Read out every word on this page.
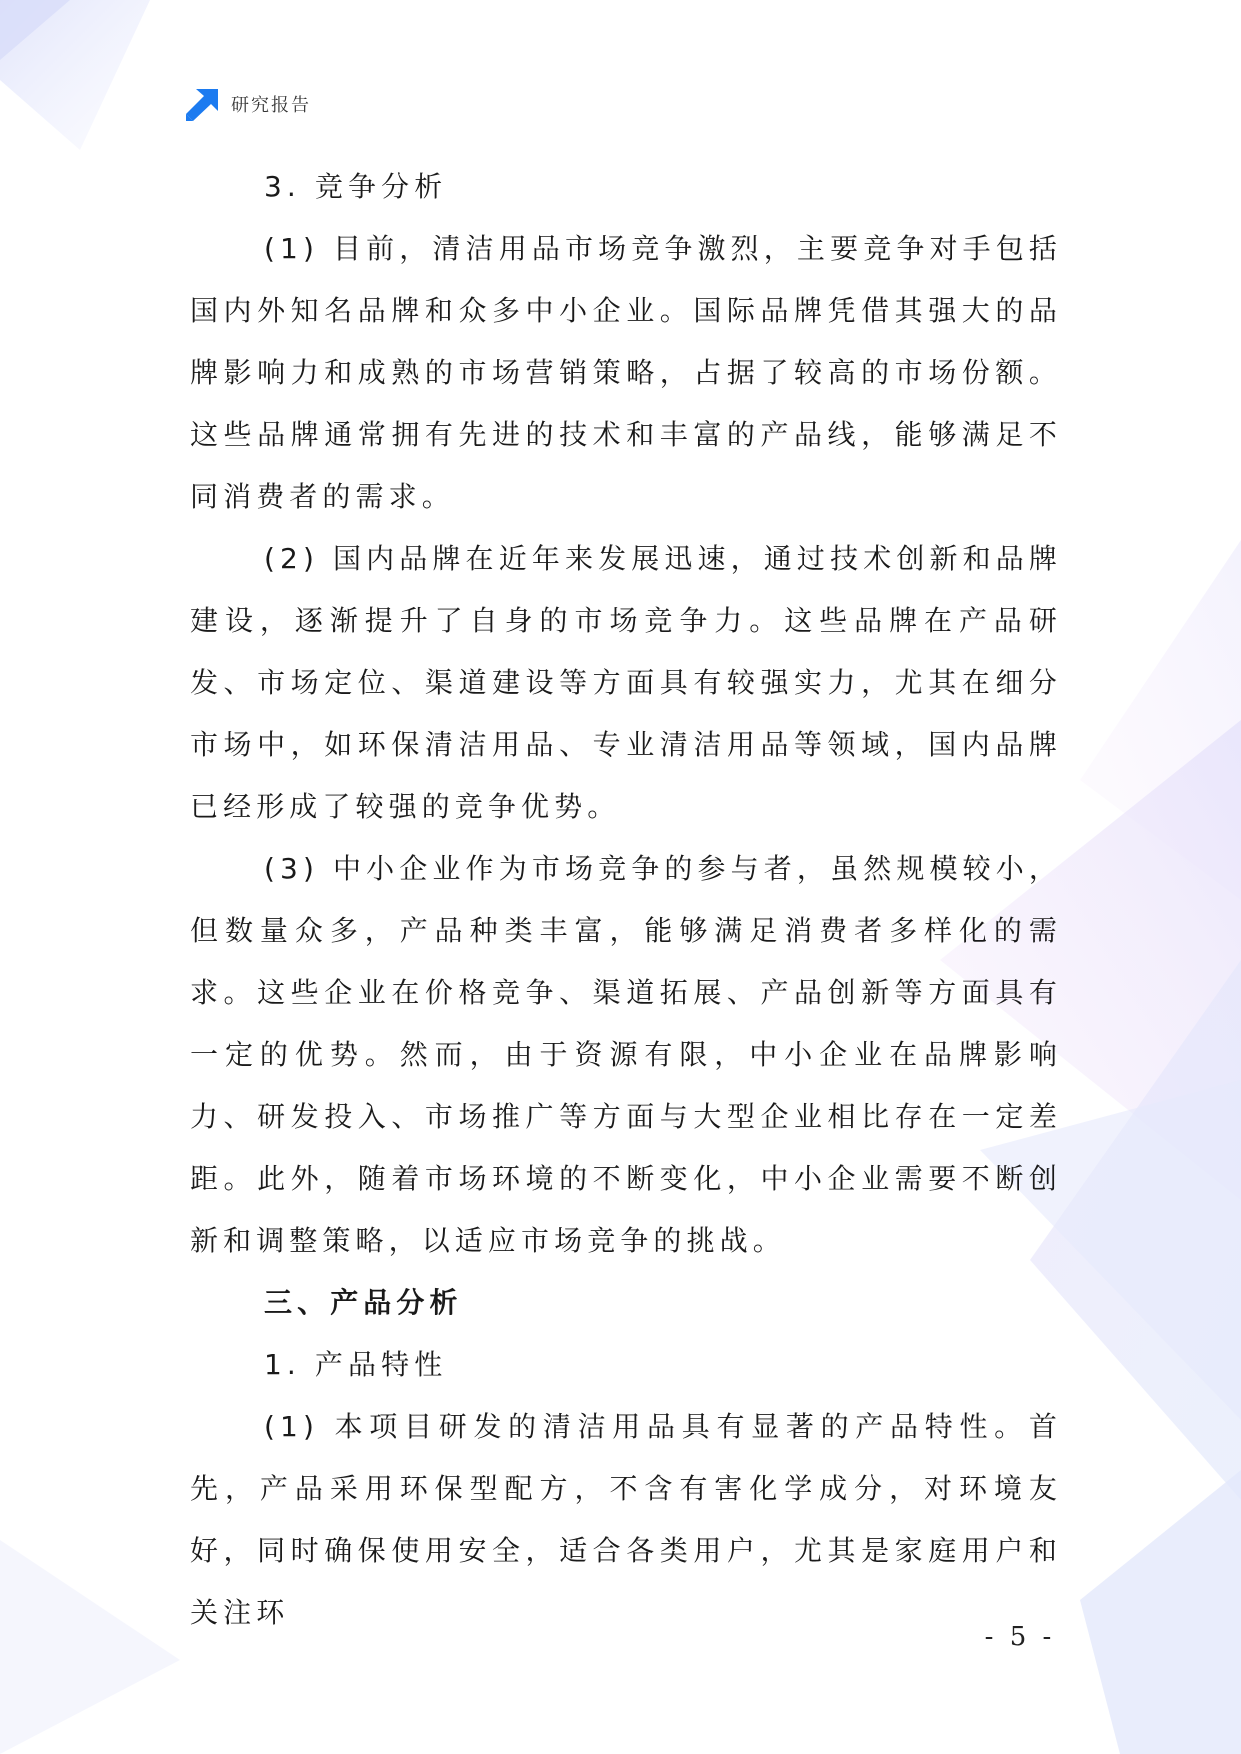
研究报告

3. 竞争分析

(1) 目前，清洁用品市场竞争激烈，主要竞争对手包括国内外知名品牌和众多中小企业。国际品牌凭借其强大的品牌影响力和成熟的市场营销策略，占据了较高的市场份额。这些品牌通常拥有先进的技术和丰富的产品线，能够满足不同消费者的需求。

(2) 国内品牌在近年来发展迅速，通过技术创新和品牌建设，逐渐提升了自身的市场竞争力。这些品牌在产品研发、市场定位、渠道建设等方面具有较强实力，尤其在细分市场中，如环保清洁用品、专业清洁用品等领域，国内品牌已经形成了较强的竞争优势。

(3) 中小企业作为市场竞争的参与者，虽然规模较小，但数量众多，产品种类丰富，能够满足消费者多样化的需求。这些企业在价格竞争、渠道拓展、产品创新等方面具有一定的优势。然而，由于资源有限，中小企业在品牌影响力、研发投入、市场推广等方面与大型企业相比存在一定差距。此外，随着市场环境的不断变化，中小企业需要不断创新和调整策略，以适应市场竞争的挑战。

三、产品分析

1. 产品特性

(1) 本项目研发的清洁用品具有显著的产品特性。首先，产品采用环保型配方，不含有害化学成分，对环境友好，同时确保使用安全，适合各类用户，尤其是家庭用户和关注环

- 5 -
